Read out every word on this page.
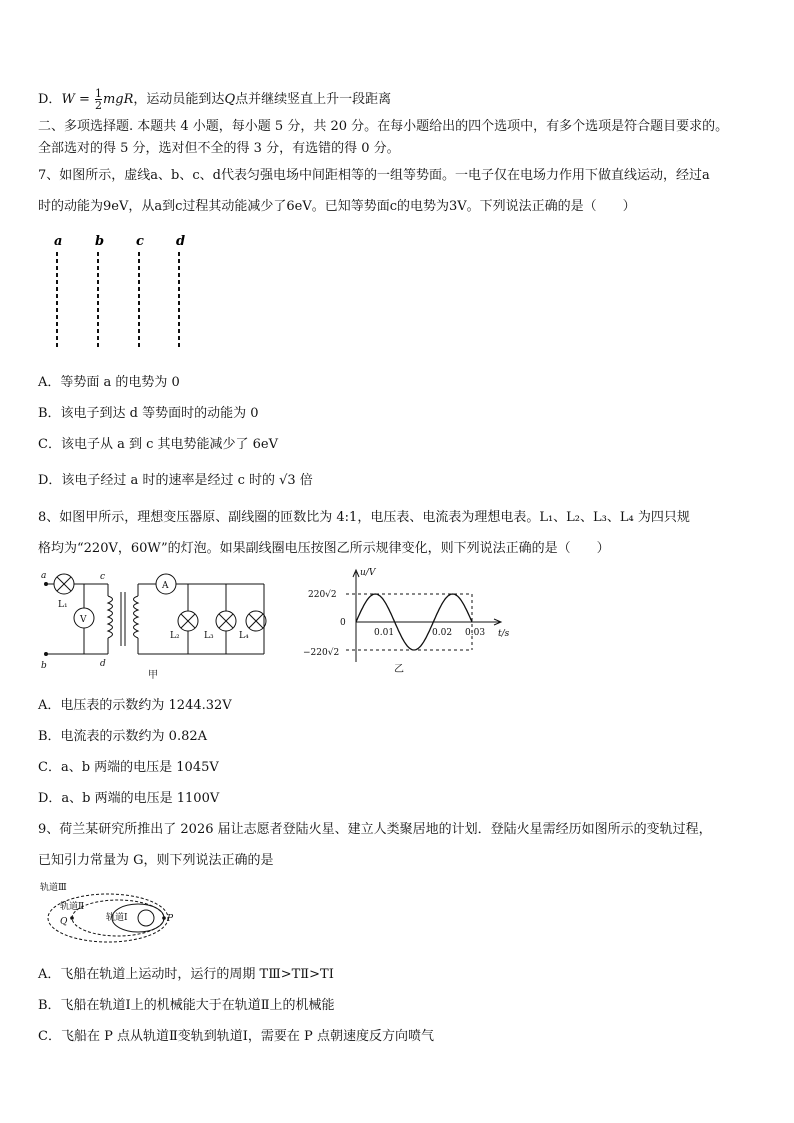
D．$W = \frac{1}{2}$ mgR，运动员能到达Q点并继续竖直上升一段距离
二、多项选择题. 本题共 4 小题，每小题 5 分，共 20 分。在每小题给出的四个选项中，有多个选项是符合题目要求的。
全部选对的得 5 分，选对但不全的得 3 分，有选错的得 0 分。
7、如图所示，虚线a、b、c、d代表匀强电场中间距相等的一组等势面。一电子仅在电场力作用下做直线运动，经过a
时的动能为9eV，从a到c过程其动能减少了6eV。已知等势面c的电势为3V。下列说法正确的是（　　）
a	b c d
A．等势面 a 的电势为 0
B．该电子到达 d 等势面时的动能为 0
C．该电子从 a 到 c 其电势能减少了 6eV
D．该电子经过 a 时的速率是经过 c 时的 √3 倍
8、如图甲所示，理想变压器原、副线圈的匝数比为 4:1，电压表、电流表为理想电表。L₁、L₂、L₃、L₄ 为四只规
格均为“220V，60W”的灯泡。如果副线圈电压按图乙所示规律变化，则下列说法正确的是（　　）
a
b
c
d
L₁
V
A
L₂	L₃	L₄
甲
u/V
t/s
220√2
−220√2
0
0.01	0.02 0.03
乙
A．电压表的示数约为 1244.32V
B．电流表的示数约为 0.82A
C．a、b 两端的电压是 1045V
D．a、b 两端的电压是 1100V
9、荷兰某研究所推出了 2026 届让志愿者登陆火星、建立人类聚居地的计划．登陆火星需经历如图所示的变轨过程，
已知引力常量为 G，则下列说法正确的是
轨道Ⅲ
轨道Ⅱ
轨道Ⅰ
Q	P
A．飞船在轨道上运动时，运行的周期 TⅢ>TⅡ>TⅠ
B．飞船在轨道Ⅰ上的机械能大于在轨道Ⅱ上的机械能
C．飞船在 P 点从轨道Ⅱ变轨到轨道Ⅰ，需要在 P 点朝速度反方向喷气
